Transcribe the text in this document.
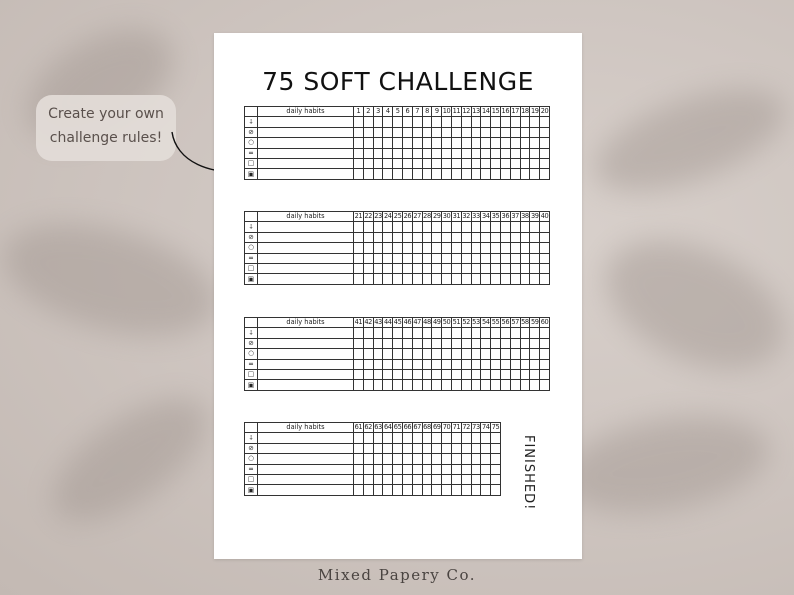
Create your own
challenge rules!
75 SOFT CHALLENGE
	daily habits	1	2	3	4	5	6	7	8	9	10	11	12	13	14	15	16	17	18	19	20
⸸																					
⊘																					
○																					
═																					
□																					
▣																					
	daily habits	21	22	23	24	25	26	27	28	29	30	31	32	33	34	35	36	37	38	39	40
⸸																					
⊘																					
○																					
═																					
□																					
▣																					
	daily habits	41	42	43	44	45	46	47	48	49	50	51	52	53	54	55	56	57	58	59	60
⸸																					
⊘																					
○																					
═																					
□																					
▣																					
	daily habits	61	62	63	64	65	66	67	68	69	70	71	72	73	74	75					
⸸																					
⊘																					
○																					
═																					
□																					
▣																						FINISHED!
Mixed Papery Co.
